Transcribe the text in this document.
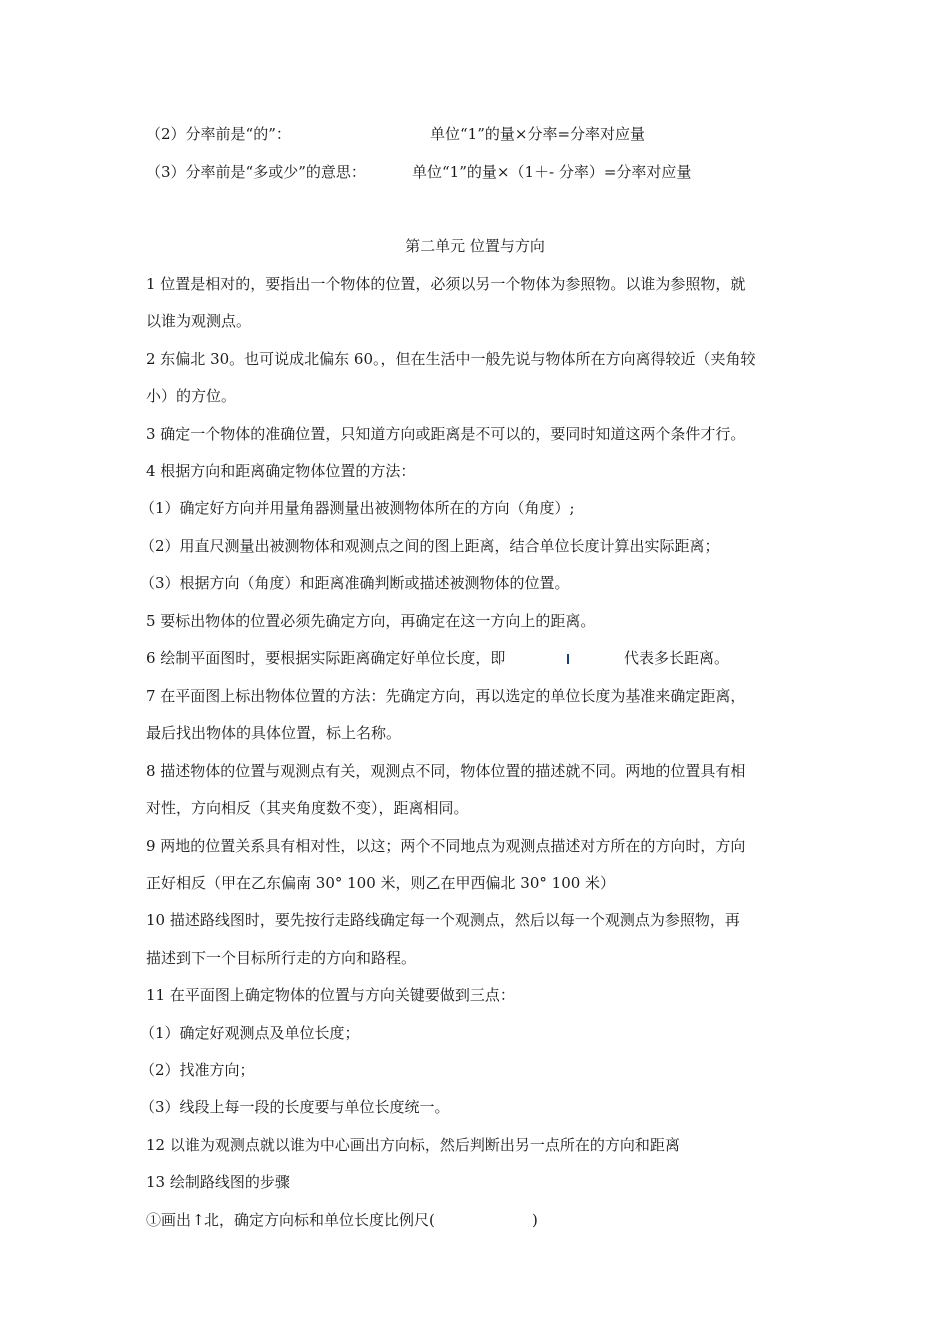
（2）分率前是“的”：	单位“1”的量×分率=分率对应量
（3）分率前是“多或少”的意思：	单位“1”的量×（1＋- 分率）=分率对应量
第二单元 位置与方向
1 位置是相对的，要指出一个物体的位置，必须以另一个物体为参照物。以谁为参照物，就
以谁为观测点。
2 东偏北 30。也可说成北偏东 60。，但在生活中一般先说与物体所在方向离得较近（夹角较
小）的方位。
3 确定一个物体的准确位置，只知道方向或距离是不可以的，要同时知道这两个条件才行。
4 根据方向和距离确定物体位置的方法：
（1）确定好方向并用量角器测量出被测物体所在的方向（角度）;
（2）用直尺测量出被测物体和观测点之间的图上距离，结合单位长度计算出实际距离；
（3）根据方向（角度）和距离准确判断或描述被测物体的位置。
5 要标出物体的位置必须先确定方向，再确定在这一方向上的距离。
6 绘制平面图时，要根据实际距离确定好单位长度，即	代表多长距离。
7 在平面图上标出物体位置的方法：先确定方向，再以选定的单位长度为基准来确定距离，
最后找出物体的具体位置，标上名称。
8 描述物体的位置与观测点有关，观测点不同，物体位置的描述就不同。两地的位置具有相
对性，方向相反（其夹角度数不变），距离相同。
9 两地的位置关系具有相对性，以这；两个不同地点为观测点描述对方所在的方向时，方向
正好相反（甲在乙东偏南 30° 100 米，则乙在甲西偏北 30° 100 米）
10 描述路线图时，要先按行走路线确定每一个观测点，然后以每一个观测点为参照物，再
描述到下一个目标所行走的方向和路程。
11 在平面图上确定物体的位置与方向关键要做到三点：
（1）确定好观测点及单位长度；
（2）找准方向；
（3）线段上每一段的长度要与单位长度统一。
12 以谁为观测点就以谁为中心画出方向标，然后判断出另一点所在的方向和距离
13 绘制路线图的步骤
①画出 ↑ 北，确定方向标和单位长度比例尺(	)
